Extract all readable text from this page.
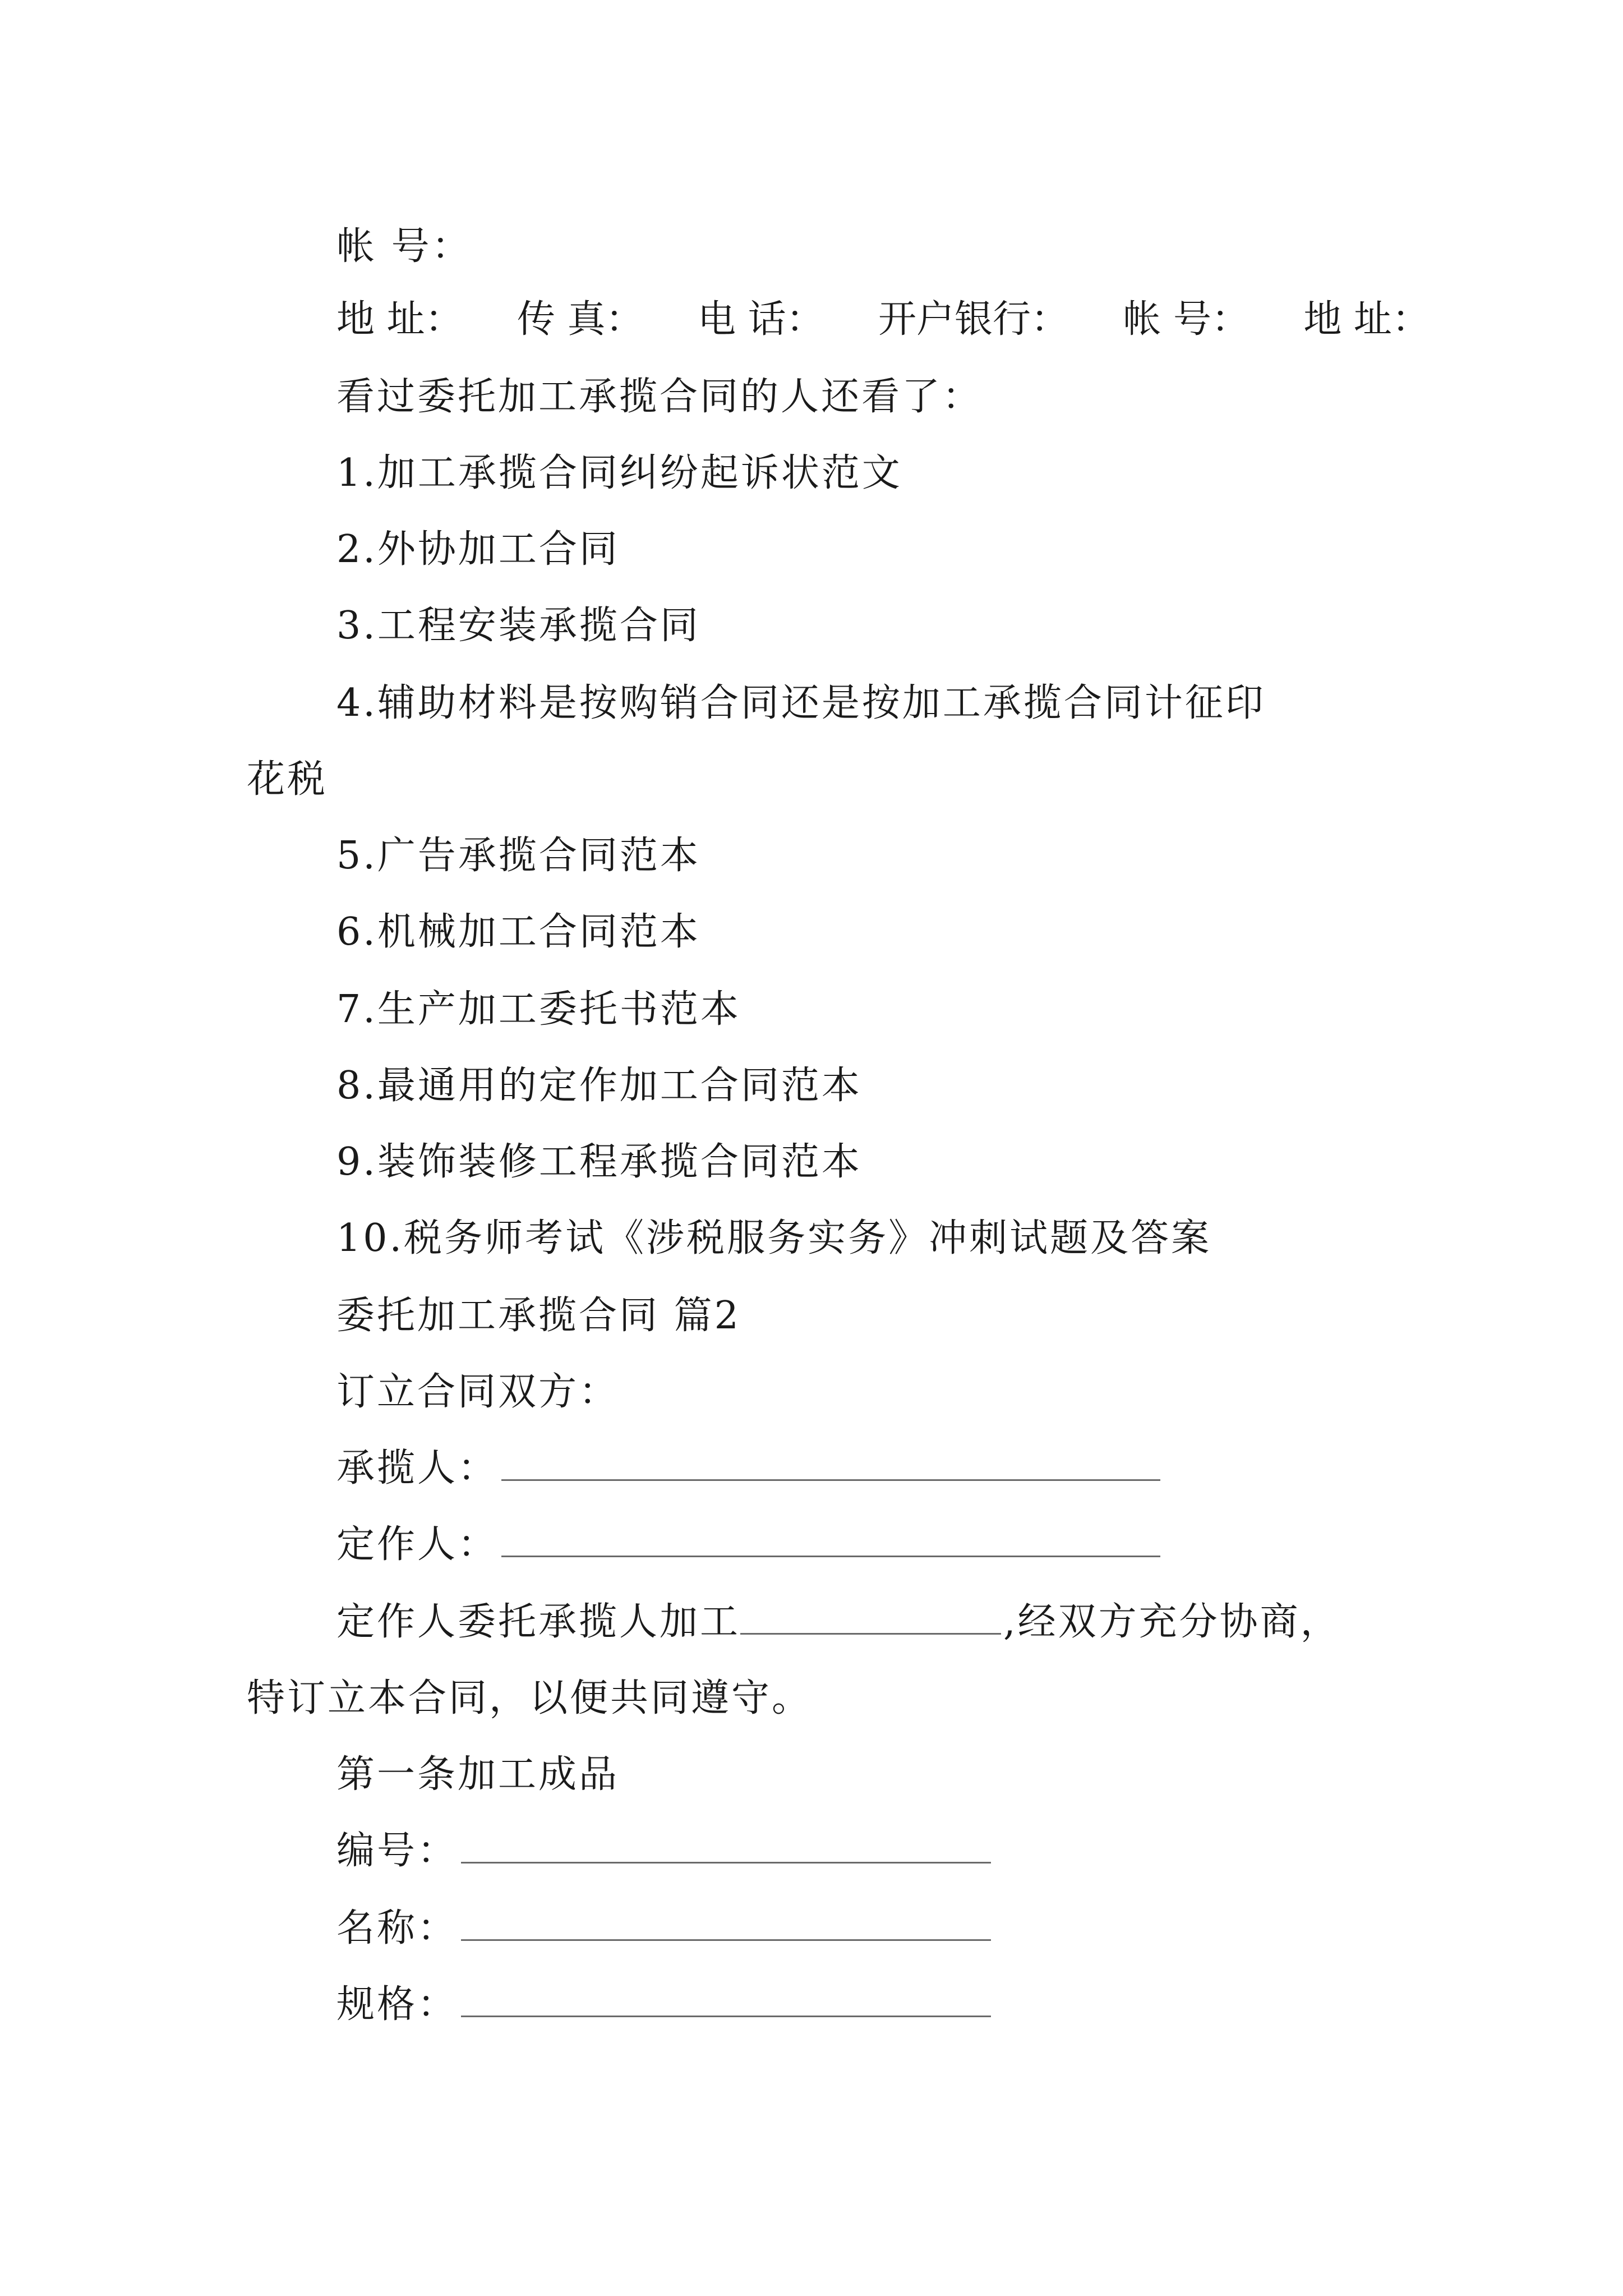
帐 号：
地 址： 传 真： 电 话： 开户银行： 帐 号： 地 址：
看过委托加工承揽合同的人还看了：
1.加工承揽合同纠纷起诉状范文
2.外协加工合同
3.工程安装承揽合同
4.辅助材料是按购销合同还是按加工承揽合同计征印
花税
5.广告承揽合同范本
6.机械加工合同范本
7.生产加工委托书范本
8.最通用的定作加工合同范本
9.装饰装修工程承揽合同范本
10.税务师考试《涉税服务实务》冲刺试题及答案
委托加工承揽合同 篇2
订立合同双方：
承揽人：
定作人：
定作人委托承揽人加工	,经双方充分协商，
特订立本合同，以便共同遵守。
第一条加工成品
编号：
名称：
规格：
